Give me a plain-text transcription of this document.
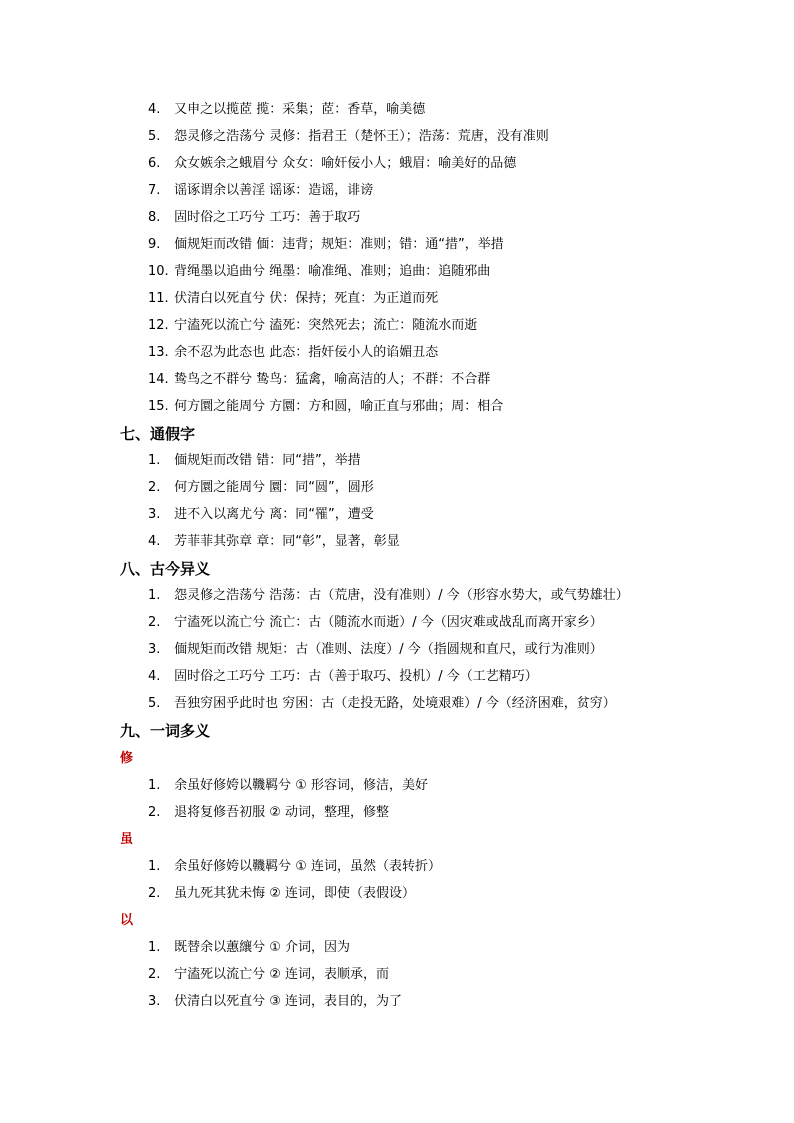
4. 又申之以揽茝 揽：采集；茝：香草，喻美德
5. 怨灵修之浩荡兮 灵修：指君王（楚怀王）；浩荡：荒唐，没有准则
6. 众女嫉余之蛾眉兮 众女：喻奸佞小人；蛾眉：喻美好的品德
7. 谣诼谓余以善淫 谣诼：造谣，诽谤
8. 固时俗之工巧兮 工巧：善于取巧
9. 偭规矩而改错 偭：违背；规矩：准则；错：通“措”，举措
10. 背绳墨以追曲兮 绳墨：喻准绳、准则；追曲：追随邪曲
11. 伏清白以死直兮 伏：保持；死直：为正道而死
12. 宁溘死以流亡兮 溘死：突然死去；流亡：随流水而逝
13. 余不忍为此态也 此态：指奸佞小人的谄媚丑态
14. 鸷鸟之不群兮 鸷鸟：猛禽，喻高洁的人；不群：不合群
15. 何方圜之能周兮 方圜：方和圆，喻正直与邪曲；周：相合
七、通假字
1. 偭规矩而改错 错：同“措”，举措
2. 何方圜之能周兮 圜：同“圆”，圆形
3. 进不入以离尤兮 离：同“罹”，遭受
4. 芳菲菲其弥章 章：同“彰”，显著，彰显
八、古今异义
1. 怨灵修之浩荡兮 浩荡：古（荒唐，没有准则）/ 今（形容水势大，或气势雄壮）
2. 宁溘死以流亡兮 流亡：古（随流水而逝）/ 今（因灾难或战乱而离开家乡）
3. 偭规矩而改错 规矩：古（准则、法度）/ 今（指圆规和直尺，或行为准则）
4. 固时俗之工巧兮 工巧：古（善于取巧、投机）/ 今（工艺精巧）
5. 吾独穷困乎此时也 穷困：古（走投无路，处境艰难）/ 今（经济困难，贫穷）
九、一词多义
修
1. 余虽好修姱以鞿羁兮 ① 形容词，修洁，美好
2. 退将复修吾初服 ② 动词，整理，修整
虽
1. 余虽好修姱以鞿羁兮 ① 连词，虽然（表转折）
2. 虽九死其犹未悔 ② 连词，即使（表假设）
以
1. 既替余以蕙纕兮 ① 介词，因为
2. 宁溘死以流亡兮 ② 连词，表顺承，而
3. 伏清白以死直兮 ③ 连词，表目的，为了
